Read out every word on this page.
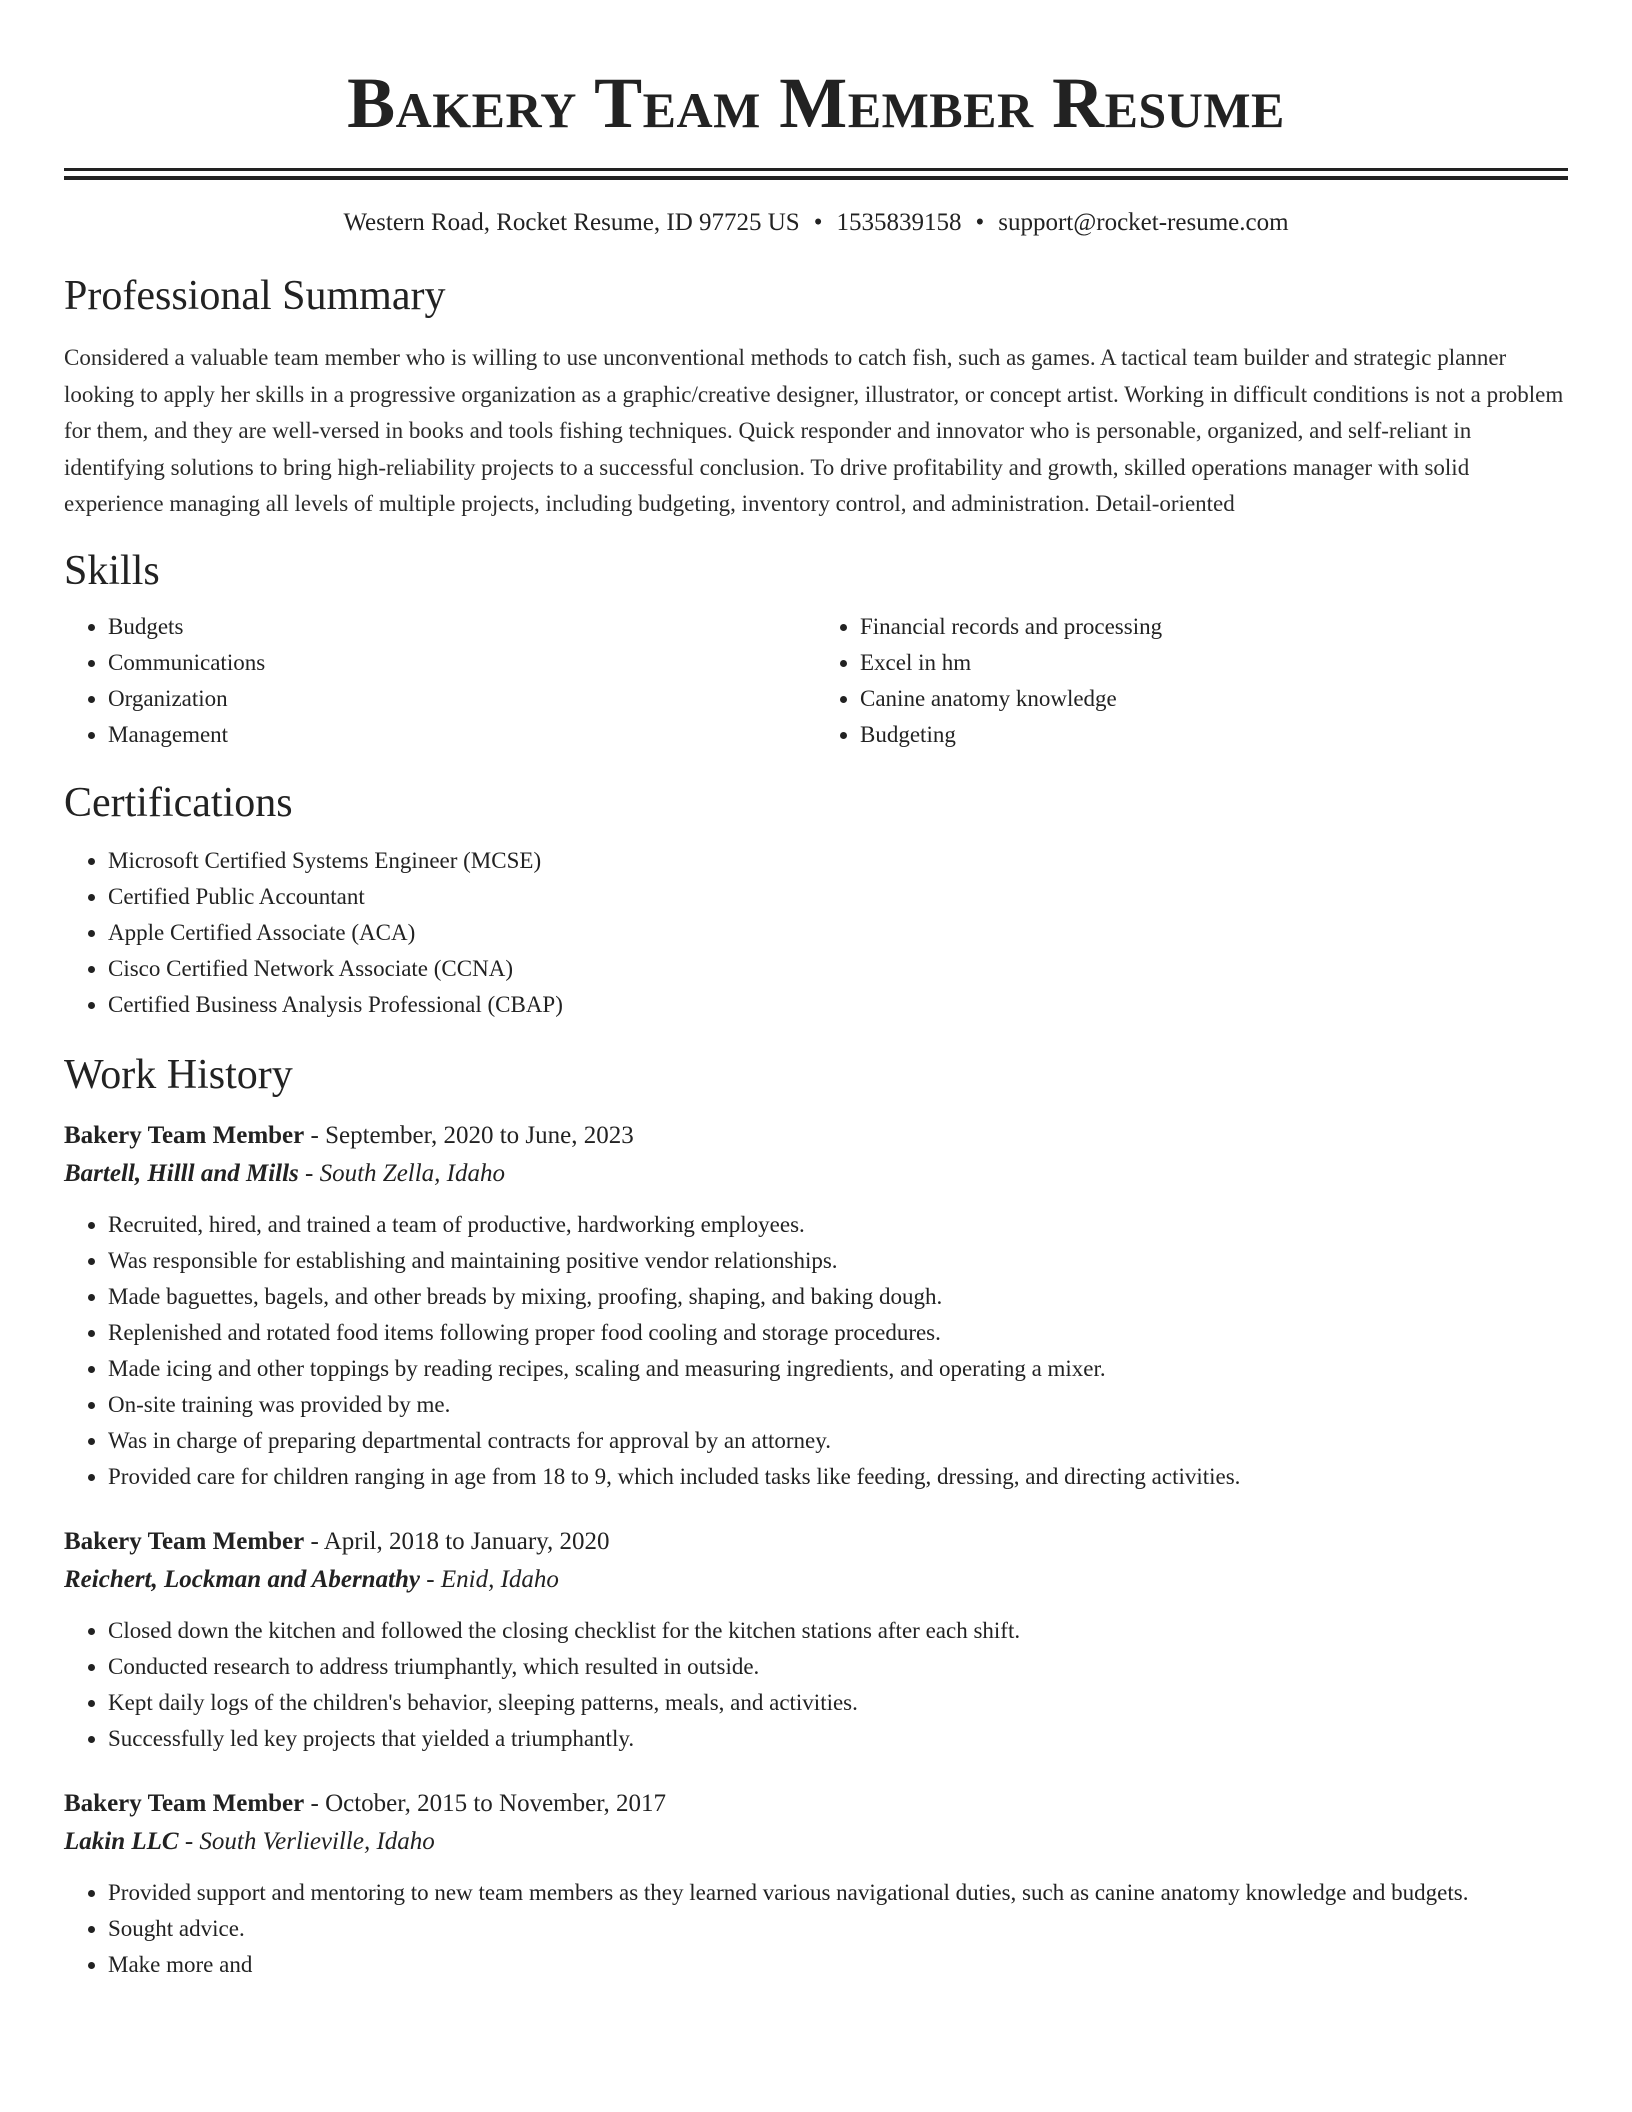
Bakery Team Member Resume
Western Road, Rocket Resume, ID 97725 US • 1535839158 • support@rocket-resume.com
Professional Summary
Considered a valuable team member who is willing to use unconventional methods to catch fish, such as games. A tactical team builder and strategic planner looking to apply her skills in a progressive organization as a graphic/creative designer, illustrator, or concept artist. Working in difficult conditions is not a problem for them, and they are well-versed in books and tools fishing techniques. Quick responder and innovator who is personable, organized, and self-reliant in identifying solutions to bring high-reliability projects to a successful conclusion. To drive profitability and growth, skilled operations manager with solid experience managing all levels of multiple projects, including budgeting, inventory control, and administration. Detail-oriented
Skills
• Budgets
• Communications
• Organization
• Management
• Financial records and processing
• Excel in hm
• Canine anatomy knowledge
• Budgeting
Certifications
• Microsoft Certified Systems Engineer (MCSE)
• Certified Public Accountant
• Apple Certified Associate (ACA)
• Cisco Certified Network Associate (CCNA)
• Certified Business Analysis Professional (CBAP)
Work History
Bakery Team Member - September, 2020 to June, 2023
Bartell, Hilll and Mills - South Zella, Idaho
• Recruited, hired, and trained a team of productive, hardworking employees.
• Was responsible for establishing and maintaining positive vendor relationships.
• Made baguettes, bagels, and other breads by mixing, proofing, shaping, and baking dough.
• Replenished and rotated food items following proper food cooling and storage procedures.
• Made icing and other toppings by reading recipes, scaling and measuring ingredients, and operating a mixer.
• On-site training was provided by me.
• Was in charge of preparing departmental contracts for approval by an attorney.
• Provided care for children ranging in age from 18 to 9, which included tasks like feeding, dressing, and directing activities.
Bakery Team Member - April, 2018 to January, 2020
Reichert, Lockman and Abernathy - Enid, Idaho
• Closed down the kitchen and followed the closing checklist for the kitchen stations after each shift.
• Conducted research to address triumphantly, which resulted in outside.
• Kept daily logs of the children's behavior, sleeping patterns, meals, and activities.
• Successfully led key projects that yielded a triumphantly.
Bakery Team Member - October, 2015 to November, 2017
Lakin LLC - South Verlieville, Idaho
• Provided support and mentoring to new team members as they learned various navigational duties, such as canine anatomy knowledge and budgets.
• Sought advice.
• Make more and
